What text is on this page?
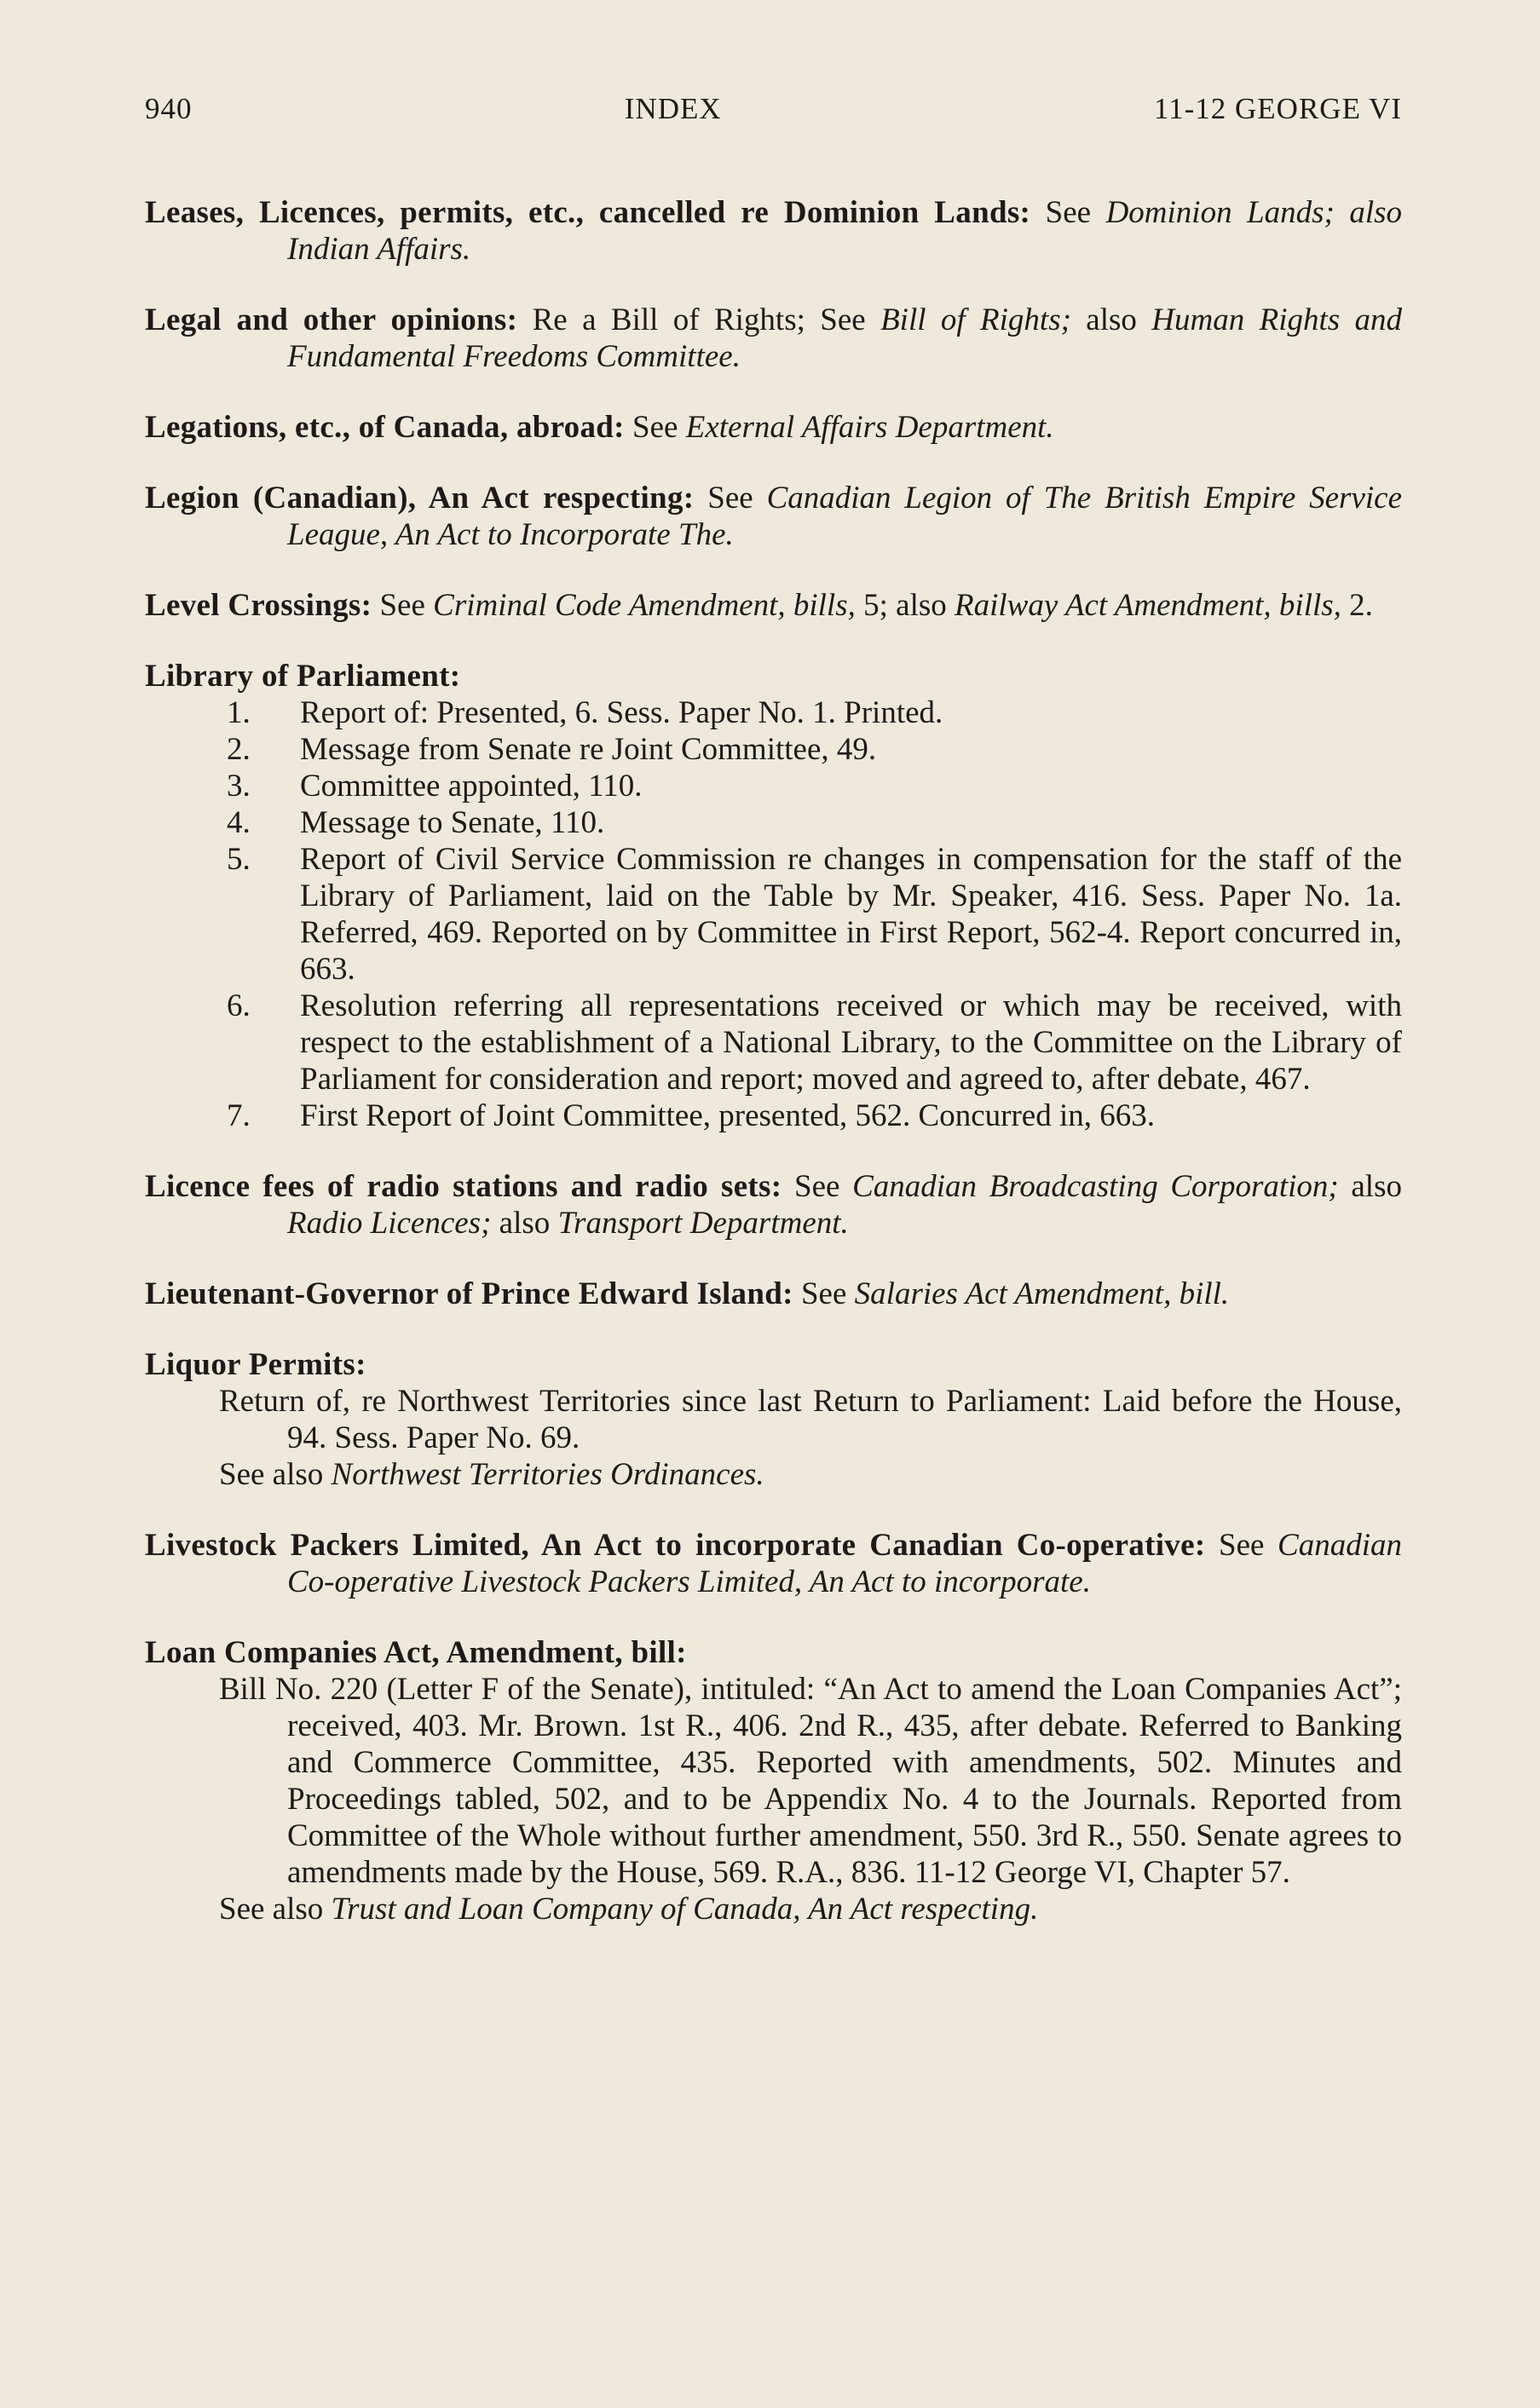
940	INDEX	11-12 GEORGE VI
Leases, Licences, permits, etc., cancelled re Dominion Lands: See Dominion Lands; also Indian Affairs.
Legal and other opinions: Re a Bill of Rights; See Bill of Rights; also Human Rights and Fundamental Freedoms Committee.
Legations, etc., of Canada, abroad: See External Affairs Department.
Legion (Canadian), An Act respecting: See Canadian Legion of The British Empire Service League, An Act to Incorporate The.
Level Crossings: See Criminal Code Amendment, bills, 5; also Railway Act Amendment, bills, 2.
Library of Parliament:
1.	Report of: Presented, 6. Sess. Paper No. 1. Printed.
2.	Message from Senate re Joint Committee, 49.
3.	Committee appointed, 110.
4.	Message to Senate, 110.
5.	Report of Civil Service Commission re changes in compensation for the staff of the Library of Parliament, laid on the Table by Mr. Speaker, 416. Sess. Paper No. 1a. Referred, 469. Reported on by Committee in First Report, 562-4. Report concurred in, 663.
6.	Resolution referring all representations received or which may be received, with respect to the establishment of a National Library, to the Committee on the Library of Parliament for consideration and report; moved and agreed to, after debate, 467.
7.	First Report of Joint Committee, presented, 562. Concurred in, 663.
Licence fees of radio stations and radio sets: See Canadian Broadcasting Corporation; also Radio Licences; also Transport Department.
Lieutenant-Governor of Prince Edward Island: See Salaries Act Amendment, bill.
Liquor Permits:
Return of, re Northwest Territories since last Return to Parliament: Laid before the House, 94. Sess. Paper No. 69.
See also Northwest Territories Ordinances.
Livestock Packers Limited, An Act to incorporate Canadian Co-operative: See Canadian Co-operative Livestock Packers Limited, An Act to incorporate.
Loan Companies Act, Amendment, bill:
Bill No. 220 (Letter F of the Senate), intituled: “An Act to amend the Loan Companies Act”; received, 403. Mr. Brown. 1st R., 406. 2nd R., 435, after debate. Referred to Banking and Commerce Committee, 435. Reported with amendments, 502. Minutes and Proceedings tabled, 502, and to be Appendix No. 4 to the Journals. Reported from Committee of the Whole without further amendment, 550. 3rd R., 550. Senate agrees to amendments made by the House, 569. R.A., 836. 11-12 George VI, Chapter 57.
See also Trust and Loan Company of Canada, An Act respecting.
